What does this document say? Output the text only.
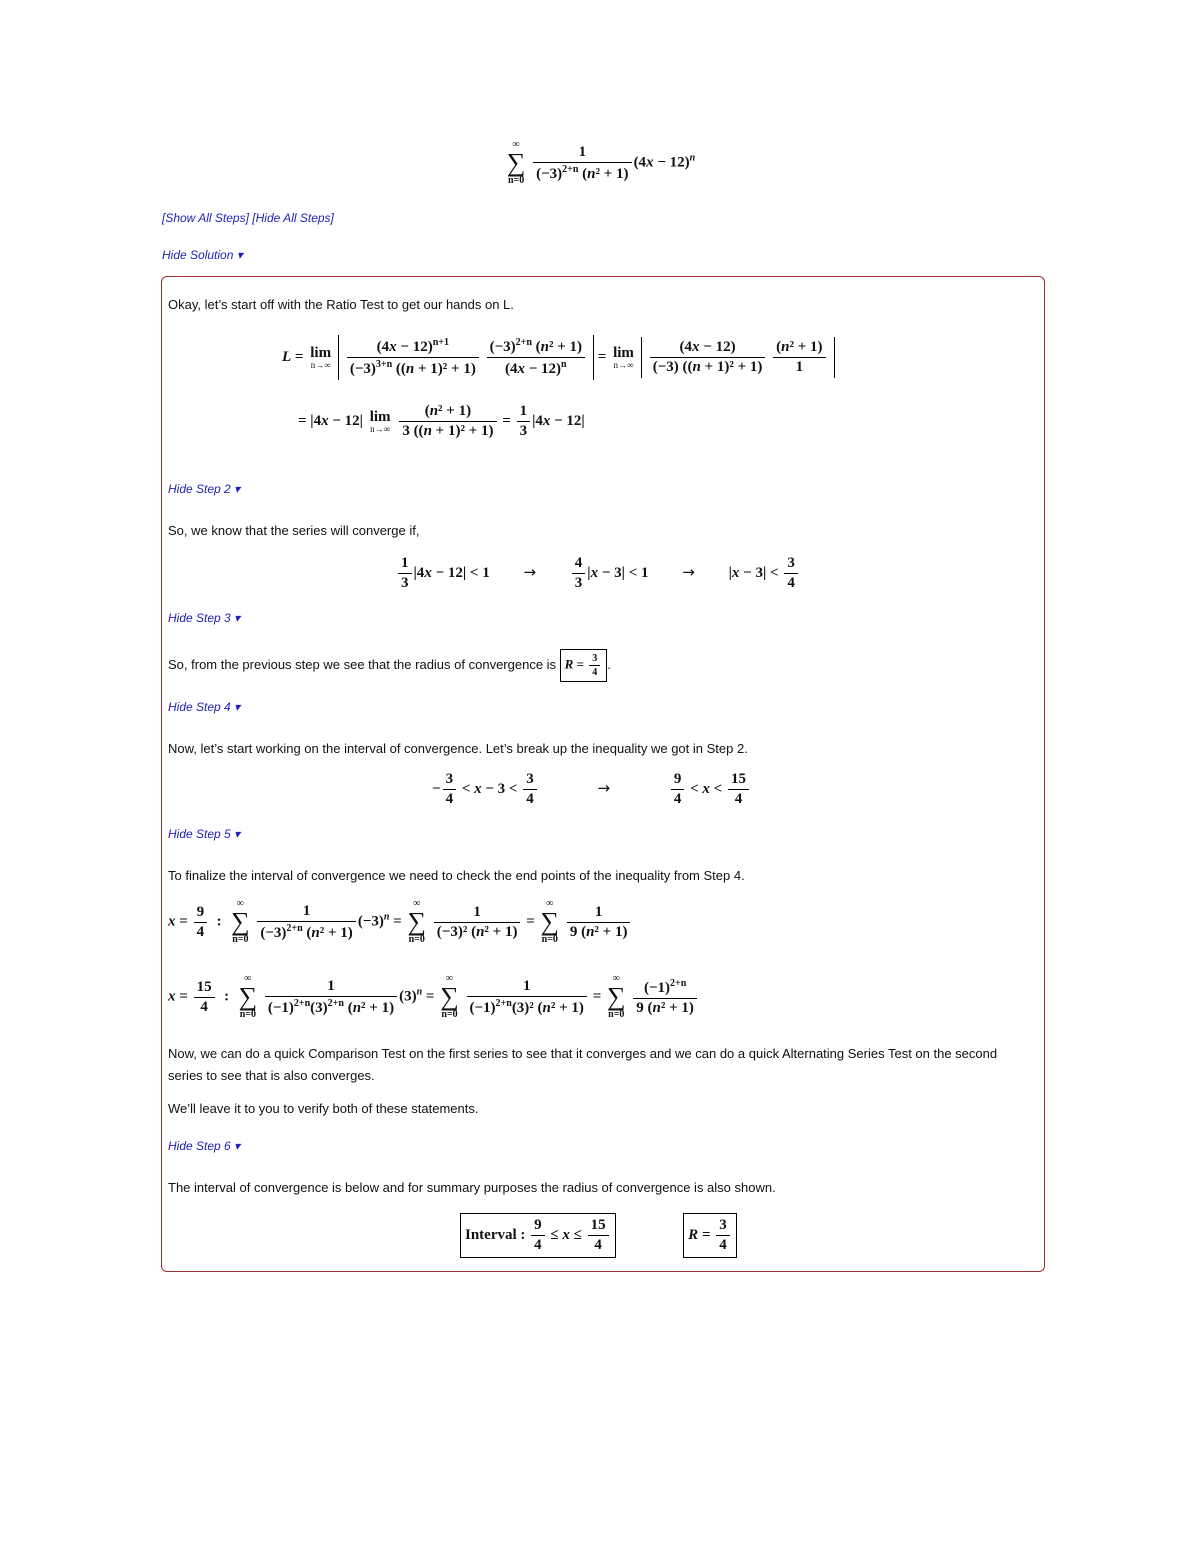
∞
∑
n=0
$\frac{1}{(-3)^{2+n} (n^2 + 1)} (4x - 12)^n$
[Show All Steps] [Hide All Steps]
Hide Solution ▾
Okay, let’s start off with the Ratio Test to get our hands on L.
L = lim
n→∞
$\frac{(4x - 12)^{n+1}}{(-3)^{3+n} ((n + 1)^2 + 1)}$
$\frac{(-3)^{2+n} (n^2 + 1)}{(4x - 12)^n} = \lim$
n→∞
$\frac{(4x - 12)}{\text{(−3) ((n + 1)² + 1)}}$
$\frac{\text{(n² + 1)}}{1}$
= |4x − 12| lim
n→∞
$\frac{\text{(n² + 1)}}{\text{3 ((n + 1)² + 1)}} = \frac{1}{3} |4x - 12|$
Hide Step 2 ▾
So, we know that the series will converge if,
$\frac{1}{3} |4x - 12| < 1 \to \frac{4}{3} |x - 3| < 1 \to |x - 3| < \frac{3}{4}$
Hide Step 3 ▾
So, from the previous step we see that the radius of convergence is $R = \frac{3}{4}$ .
Hide Step 4 ▾
Now, let’s start working on the interval of convergence. Let’s break up the inequality we got in Step 2.
− $\frac{3}{4} < x - 3 < \frac{3}{4}$	→	$\frac{9}{4} < x < \frac{15}{4}$
Hide Step 5 ▾
To finalize the interval of convergence we need to check the end points of the inequality from Step 4.
$x = \frac{9}{4}$ :
∞
∑
n=0
$\frac{1}{(-3)^{2+n} (n^2 + 1)} (-3)^n$ =
∞
∑
n=0
$\frac{1}{\text{(−3)² (n² + 1)}}$ =
∞
∑
n=0
$\frac{1}{\text{9 (n² + 1)}}$
$x = \frac{15}{4}$ :
∞
∑
n=0
$\frac{1}{(-1)^{2+n}(3)^{2+n} (n^2 + 1)} (3)^n$ =
∞
∑
n=0
$\frac{1}{(-1)^{2+n}(3)^2 (n^2 + 1)}$ =
∞
∑
n=0
$\frac{(-1)^{2+n}}{\text{9 (n² + 1)}}$
Now, we can do a quick Comparison Test on the first series to see that it converges and we can do a quick Alternating Series Test on the second series to see that is also converges.
We’ll leave it to you to verify both of these statements.
Hide Step 6 ▾
The interval of convergence is below and for summary purposes the radius of convergence is also shown.
Interval : $\frac{9}{4} \le x \le \frac{15}{4}$	$R = \frac{3}{4}$
